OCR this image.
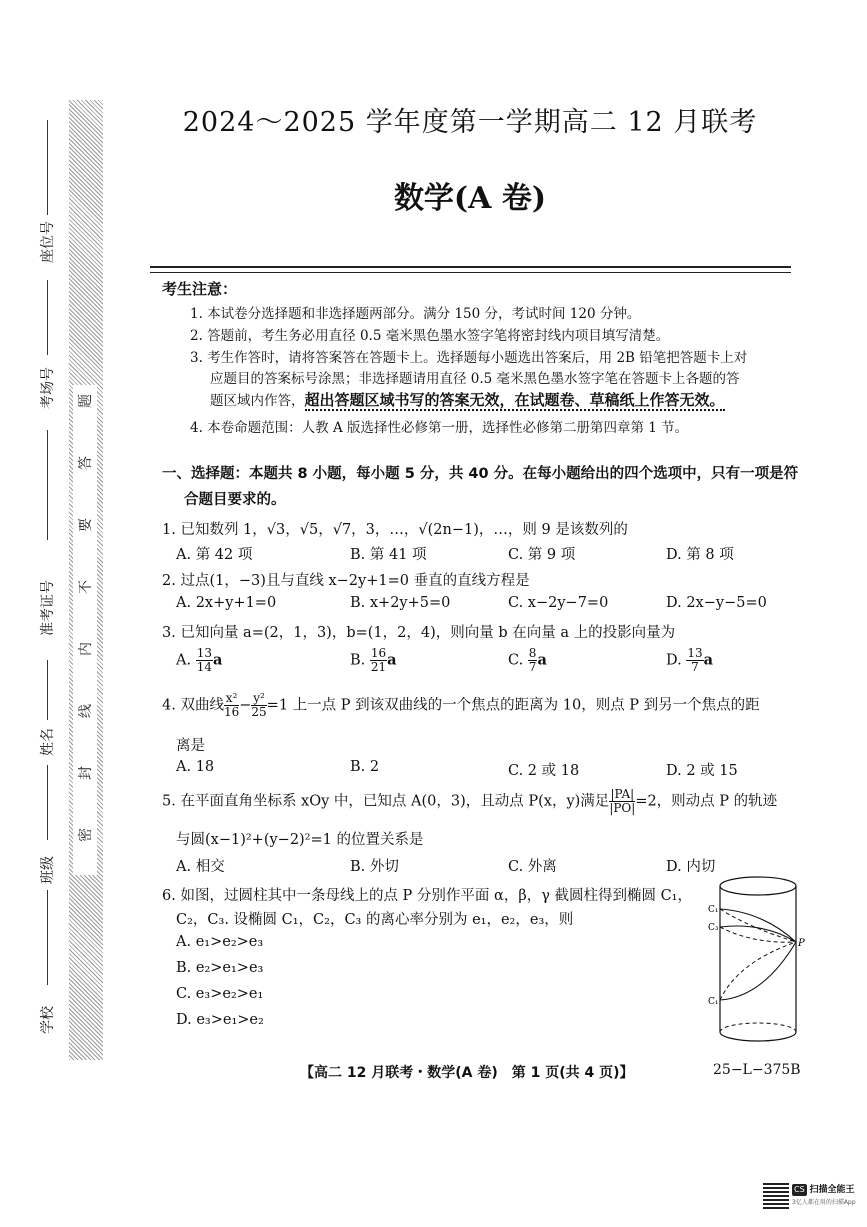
题
答
要
不
内
线
封
密
座位号
考场号
准考证号
姓名
班级
学校
2024～2025 学年度第一学期高二 12 月联考
数学(A 卷)
考生注意：
1. 本试卷分选择题和非选择题两部分。满分 150 分，考试时间 120 分钟。
2. 答题前，考生务必用直径 0.5 毫米黑色墨水签字笔将密封线内项目填写清楚。
3. 考生作答时，请将答案答在答题卡上。选择题每小题选出答案后，用 2B 铅笔把答题卡上对
应题目的答案标号涂黑；非选择题请用直径 0.5 毫米黑色墨水签字笔在答题卡上各题的答
题区域内作答，超出答题区域书写的答案无效，在试题卷、草稿纸上作答无效。
4. 本卷命题范围：人教 A 版选择性必修第一册，选择性必修第二册第四章第 1 节。
一、选择题：本题共 8 小题，每小题 5 分，共 40 分。在每小题给出的四个选项中，只有一项是符
合题目要求的。
1. 已知数列 1，√3，√5，√7，3，…，√(2n−1)，…，则 9 是该数列的
A. 第 42 项	B. 第 41 项	C. 第 9 项	D. 第 8 项
2. 过点(1，−3)且与直线 x−2y+1=0 垂直的直线方程是
A. 2x+y+1=0	B. x+2y+5=0	C. x−2y−7=0	D. 2x−y−5=0
3. 已知向量 a=(2，1，3)，b=(1，2，4)，则向量 b 在向量 a 上的投影向量为
A. $\frac{13}{14}$ a	B. $\frac{16}{21}$ a	C. $\frac{8}{7}$ a	D. $\frac{13}{7}$ a
4. 双曲线 $\frac{\text{x²}}{16} - \frac{\text{y²}}{25} =1$ 上一点 P 到该双曲线的一个焦点的距离为 10，则点 P 到另一个焦点的距
离是
A. 18	B. 2	C. 2 或 18	D. 2 或 15
5. 在平面直角坐标系 xOy 中，已知点 A(0，3)，且动点 P(x，y)满足 $\frac{|PA|}{|PO|} =2$，则动点 P 的轨迹
与圆(x−1)²+(y−2)²=1 的位置关系是
A. 相交	B. 外切	C. 外离	D. 内切
6. 如图，过圆柱其中一条母线上的点 P 分别作平面 α，β，γ 截圆柱得到椭圆 C₁，
C₂，C₃. 设椭圆 C₁，C₂，C₃ 的离心率分别为 e₁，e₂，e₃，则
A. e₁>e₂>e₃
B. e₂>e₁>e₃
C. e₃>e₂>e₁
D. e₃>e₁>e₂
C₁
C₃
C₁
P
【高二 12 月联考・数学(A 卷)　第 1 页(共 4 页)】	25−L−375B
CS 扫描全能王
3亿人都在用的扫描App
